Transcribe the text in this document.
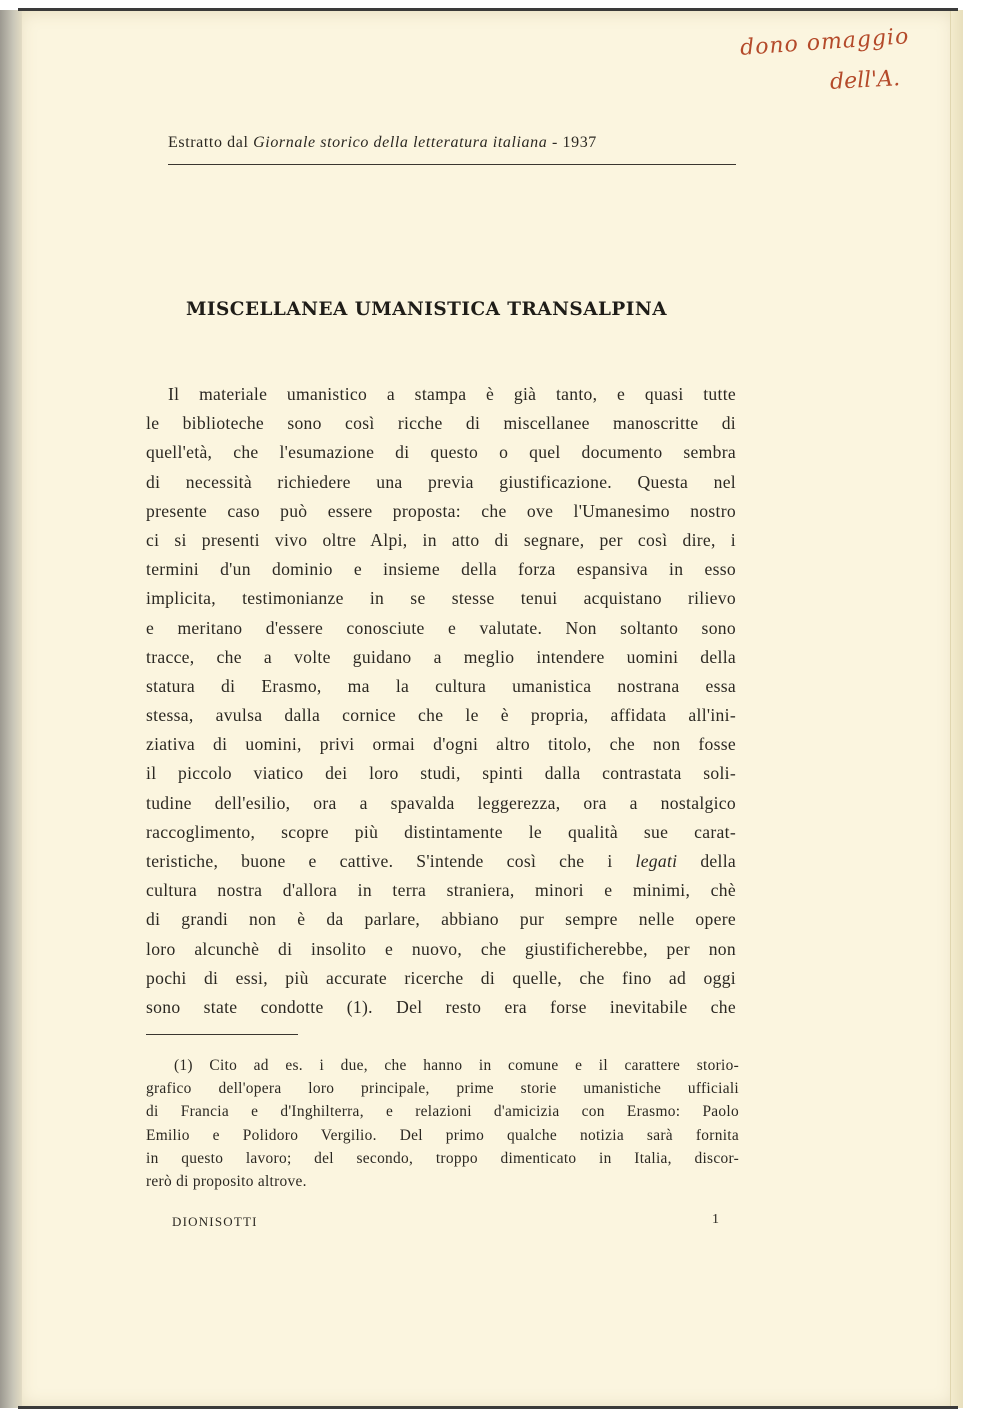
dono omaggio
dell'A.
Estratto dal Giornale storico della letteratura italiana - 1937
MISCELLANEA UMANISTICA TRANSALPINA
Il materiale umanistico a stampa è già tanto, e quasi tutte
le biblioteche sono così ricche di miscellanee manoscritte di
quell'età, che l'esumazione di questo o quel documento sembra
di necessità richiedere una previa giustificazione. Questa nel
presente caso può essere proposta: che ove l'Umanesimo nostro
ci si presenti vivo oltre Alpi, in atto di segnare, per così dire, i
termini d'un dominio e insieme della forza espansiva in esso
implicita, testimonianze in se stesse tenui acquistano rilievo
e meritano d'essere conosciute e valutate. Non soltanto sono
tracce, che a volte guidano a meglio intendere uomini della
statura di Erasmo, ma la cultura umanistica nostrana essa
stessa, avulsa dalla cornice che le è propria, affidata all'ini-
ziativa di uomini, privi ormai d'ogni altro titolo, che non fosse
il piccolo viatico dei loro studi, spinti dalla contrastata soli-
tudine dell'esilio, ora a spavalda leggerezza, ora a nostalgico
raccoglimento, scopre più distintamente le qualità sue carat-
teristiche, buone e cattive. S'intende così che i legati della
cultura nostra d'allora in terra straniera, minori e minimi, chè
di grandi non è da parlare, abbiano pur sempre nelle opere
loro alcunchè di insolito e nuovo, che giustificherebbe, per non
pochi di essi, più accurate ricerche di quelle, che fino ad oggi
sono state condotte (1). Del resto era forse inevitabile che
(1) Cito ad es. i due, che hanno in comune e il carattere storio-
grafico dell'opera loro principale, prime storie umanistiche ufficiali
di Francia e d'Inghilterra, e relazioni d'amicizia con Erasmo: Paolo
Emilio e Polidoro Vergilio. Del primo qualche notizia sarà fornita
in questo lavoro; del secondo, troppo dimenticato in Italia, discor-
rerò di proposito altrove.
DIONISOTTI	1
